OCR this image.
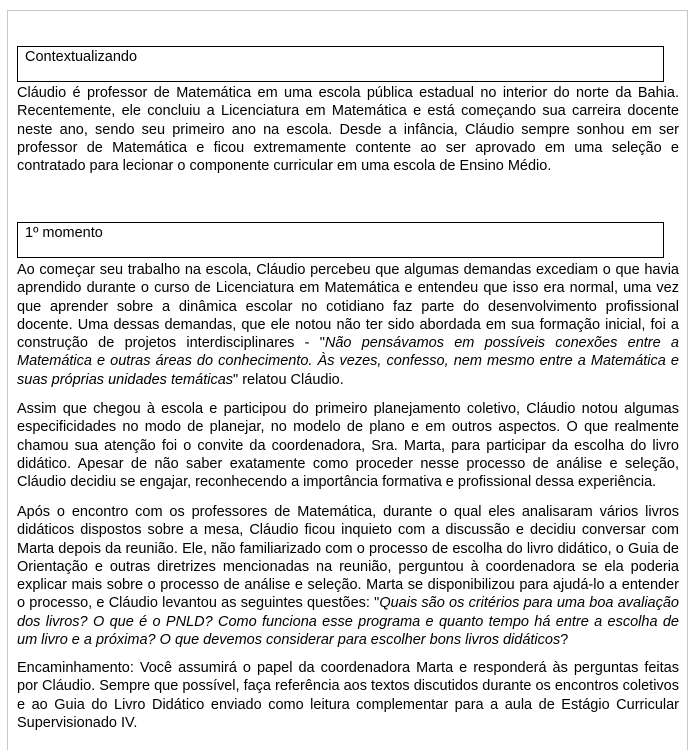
Contextualizando

Cláudio é professor de Matemática em uma escola pública estadual no interior do norte da Bahia. Recentemente, ele concluiu a Licenciatura em Matemática e está começando sua carreira docente neste ano, sendo seu primeiro ano na escola. Desde a infância, Cláudio sempre sonhou em ser professor de Matemática e ficou extremamente contente ao ser aprovado em uma seleção e contratado para lecionar o componente curricular em uma escola de Ensino Médio.

1º momento

Ao começar seu trabalho na escola, Cláudio percebeu que algumas demandas excediam o que havia aprendido durante o curso de Licenciatura em Matemática e entendeu que isso era normal, uma vez que aprender sobre a dinâmica escolar no cotidiano faz parte do desenvolvimento profissional docente. Uma dessas demandas, que ele notou não ter sido abordada em sua formação inicial, foi a construção de projetos interdisciplinares - "Não pensávamos em possíveis conexões entre a Matemática e outras áreas do conhecimento. Às vezes, confesso, nem mesmo entre a Matemática e suas próprias unidades temáticas" relatou Cláudio.

Assim que chegou à escola e participou do primeiro planejamento coletivo, Cláudio notou algumas especificidades no modo de planejar, no modelo de plano e em outros aspectos. O que realmente chamou sua atenção foi o convite da coordenadora, Sra. Marta, para participar da escolha do livro didático. Apesar de não saber exatamente como proceder nesse processo de análise e seleção, Cláudio decidiu se engajar, reconhecendo a importância formativa e profissional dessa experiência.

Após o encontro com os professores de Matemática, durante o qual eles analisaram vários livros didáticos dispostos sobre a mesa, Cláudio ficou inquieto com a discussão e decidiu conversar com Marta depois da reunião. Ele, não familiarizado com o processo de escolha do livro didático, o Guia de Orientação e outras diretrizes mencionadas na reunião, perguntou à coordenadora se ela poderia explicar mais sobre o processo de análise e seleção. Marta se disponibilizou para ajudá-lo a entender o processo, e Cláudio levantou as seguintes questões: "Quais são os critérios para uma boa avaliação dos livros? O que é o PNLD? Como funciona esse programa e quanto tempo há entre a escolha de um livro e a próxima? O que devemos considerar para escolher bons livros didáticos?

Encaminhamento: Você assumirá o papel da coordenadora Marta e responderá às perguntas feitas por Cláudio. Sempre que possível, faça referência aos textos discutidos durante os encontros coletivos e ao Guia do Livro Didático enviado como leitura complementar para a aula de Estágio Curricular Supervisionado IV.
